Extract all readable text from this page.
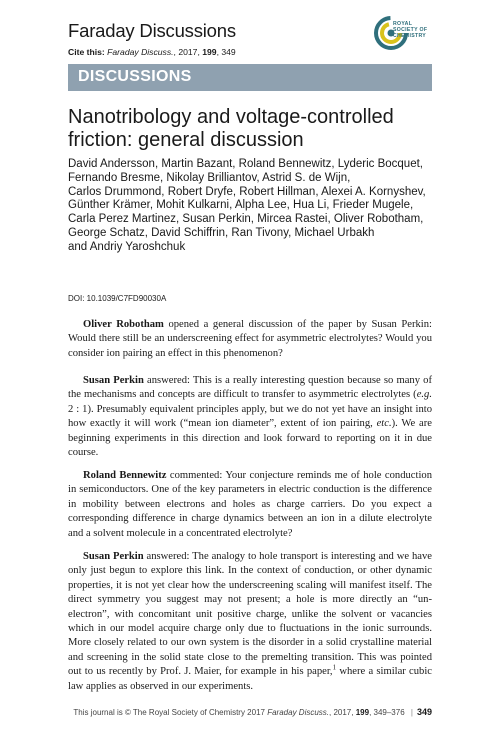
Faraday Discussions
Cite this: Faraday Discuss., 2017, 199, 349
ROYAL SOCIETY OF CHEMISTRY
DISCUSSIONS
Nanotribology and voltage-controlled friction: general discussion
David Andersson, Martin Bazant, Roland Bennewitz, Lyderic Bocquet,
Fernando Bresme, Nikolay Brilliantov, Astrid S. de Wijn,
Carlos Drummond, Robert Dryfe, Robert Hillman, Alexei A. Kornyshev,
Günther Krämer, Mohit Kulkarni, Alpha Lee, Hua Li, Frieder Mugele,
Carla Perez Martinez, Susan Perkin, Mircea Rastei, Oliver Robotham,
George Schatz, David Schiffrin, Ran Tivony, Michael Urbakh
and Andriy Yaroshchuk
DOI: 10.1039/C7FD90030A
Oliver Robotham opened a general discussion of the paper by Susan Perkin: Would there still be an underscreening effect for asymmetric electrolytes? Would you consider ion pairing an effect in this phenomenon?
Susan Perkin answered: This is a really interesting question because so many of the mechanisms and concepts are difficult to transfer to asymmetric electrolytes (e.g. 2 : 1). Presumably equivalent principles apply, but we do not yet have an insight into how exactly it will work (“mean ion diameter”, extent of ion pairing, etc.). We are beginning experiments in this direction and look forward to reporting on it in due course.
Roland Bennewitz commented: Your conjecture reminds me of hole conduction in semiconductors. One of the key parameters in electric conduction is the difference in mobility between electrons and holes as charge carriers. Do you expect a corresponding difference in charge dynamics between an ion in a dilute electrolyte and a solvent molecule in a concentrated electrolyte?
Susan Perkin answered: The analogy to hole transport is interesting and we have only just begun to explore this link. In the context of conduction, or other dynamic properties, it is not yet clear how the underscreening scaling will manifest itself. The direct symmetry you suggest may not present; a hole is more directly an “un-electron”, with concomitant unit positive charge, unlike the solvent or vacancies which in our model acquire charge only due to fluctuations in the ionic surrounds. More closely related to our own system is the disorder in a solid crystalline material and screening in the solid state close to the premelting transition. This was pointed out to us recently by Prof. J. Maier, for example in his paper,$^1$ where a similar cubic law applies as observed in our experiments.
This journal is © The Royal Society of Chemistry 2017 Faraday Discuss., 2017, 199, 349–376 | 349
